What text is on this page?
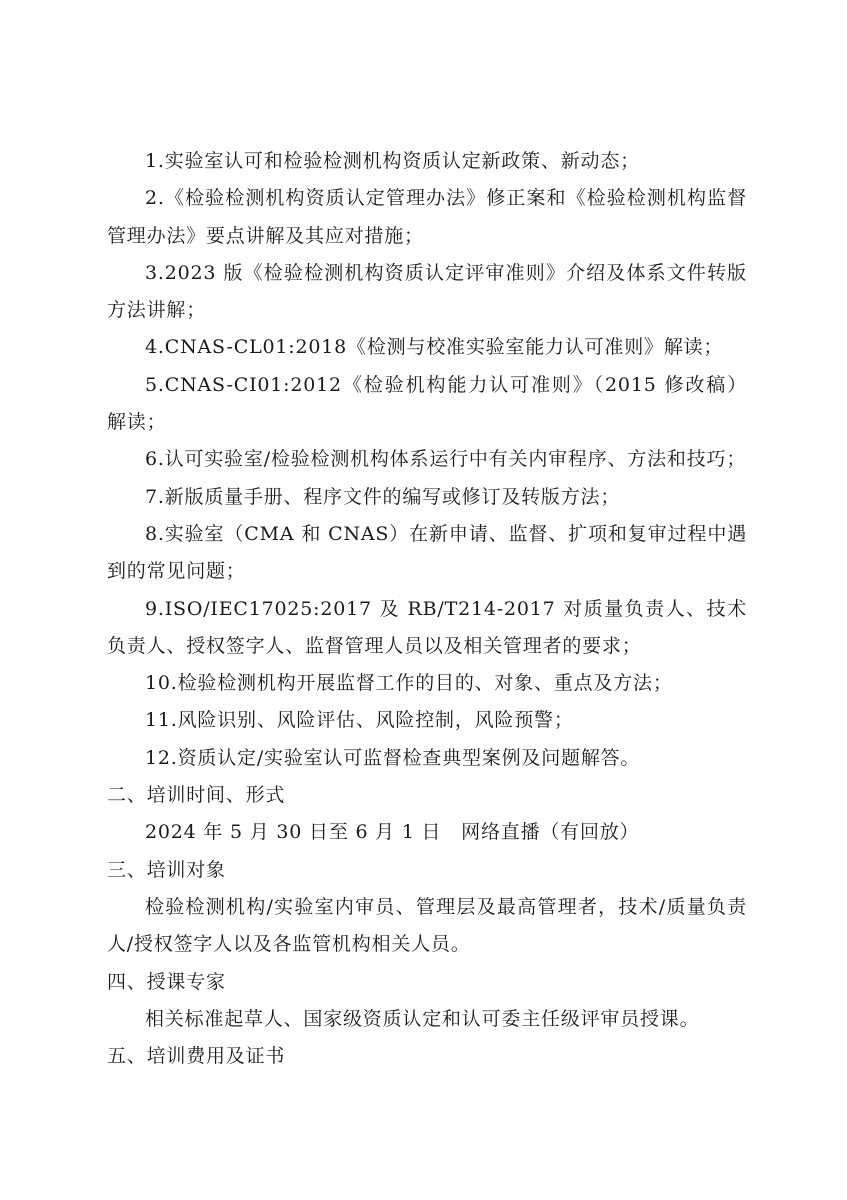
1.实验室认可和检验检测机构资质认定新政策、新动态；

2.《检验检测机构资质认定管理办法》修正案和《检验检测机构监督管理办法》要点讲解及其应对措施；

3.2023 版《检验检测机构资质认定评审准则》介绍及体系文件转版方法讲解；

4.CNAS-CL01:2018《检测与校准实验室能力认可准则》解读；

5.CNAS-CI01:2012《检验机构能力认可准则》（2015 修改稿）解读；

6.认可实验室/检验检测机构体系运行中有关内审程序、方法和技巧；

7.新版质量手册、程序文件的编写或修订及转版方法；

8.实验室（CMA 和 CNAS）在新申请、监督、扩项和复审过程中遇到的常见问题；

9.ISO/IEC17025:2017 及 RB/T214-2017 对质量负责人、技术负责人、授权签字人、监督管理人员以及相关管理者的要求；

10.检验检测机构开展监督工作的目的、对象、重点及方法；

11.风险识别、风险评估、风险控制，风险预警；

12.资质认定/实验室认可监督检查典型案例及问题解答。

二、培训时间、形式

2024 年 5 月 30 日至 6 月 1 日　网络直播（有回放）

三、培训对象

检验检测机构/实验室内审员、管理层及最高管理者，技术/质量负责人/授权签字人以及各监管机构相关人员。

四、授课专家

相关标准起草人、国家级资质认定和认可委主任级评审员授课。

五、培训费用及证书
